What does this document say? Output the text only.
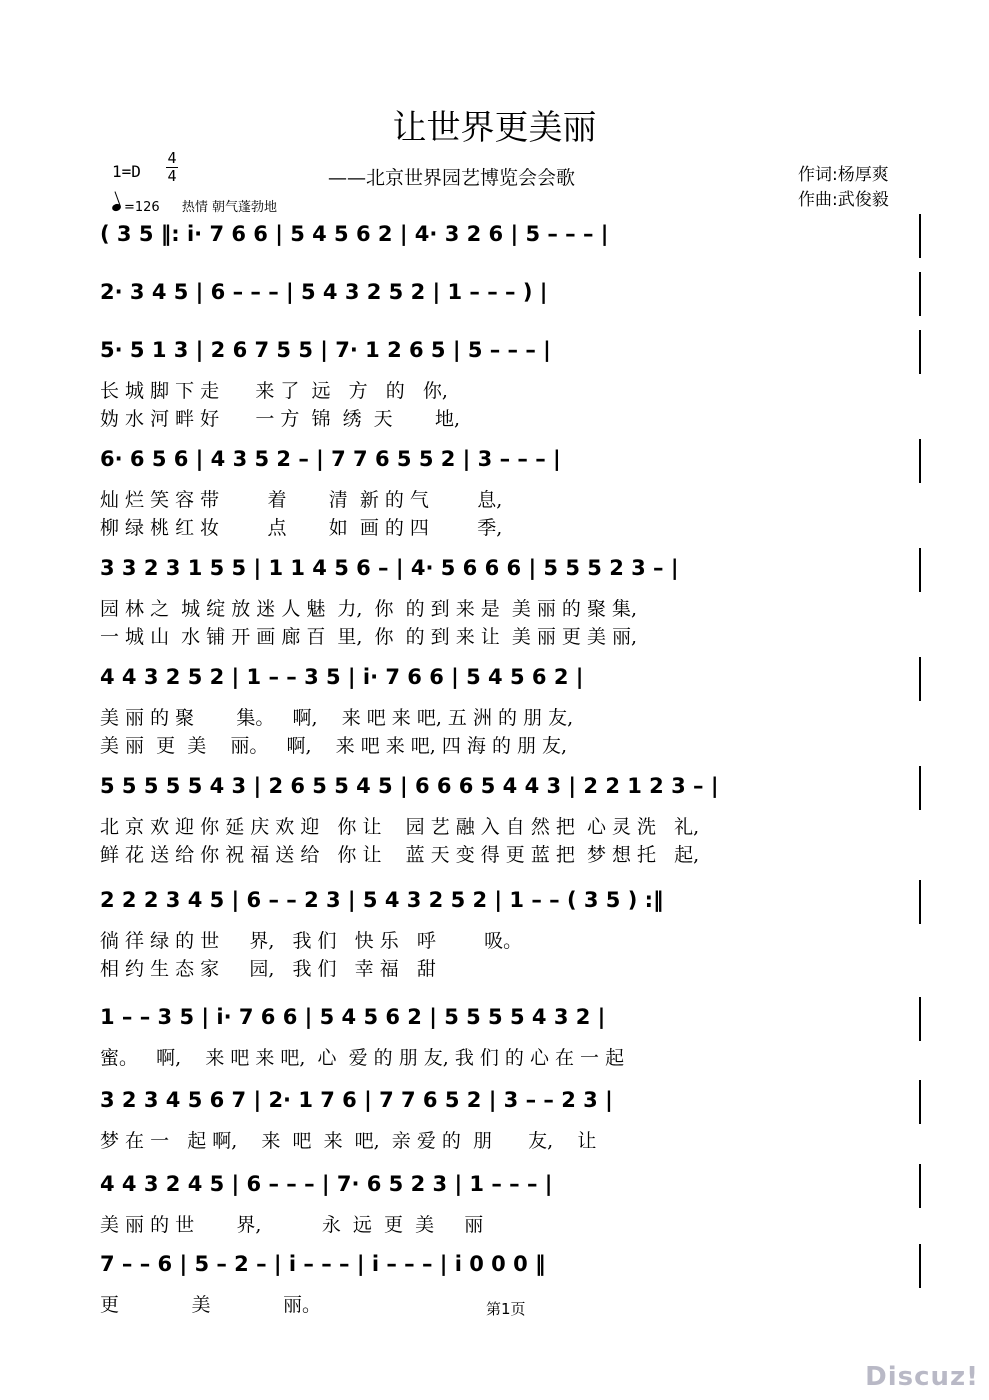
让世界更美丽
——北京世界园艺博览会会歌	作词:杨厚爽
作曲:武俊毅
1=D
4
4
=126 热情 朝气蓬勃地
( 3 5 ‖: i· 7 6 6 | 5 4 5 6 2 | 4· 3 2 6 | 5 – – – |
2· 3 4 5 | 6 – – – | 5 4 3 2 5 2 | 1 – – – ) |
5· 5 1 3 | 2 6 7 5 5 | 7· 1 2 6 5 | 5 – – – |
长 城 脚 下 走      来 了  远   方   的   你,
妫 水 河 畔 好      一 方  锦  绣  天       地,
6· 6 5 6 | 4 3 5 2 – | 7 7 6 5 5 2 | 3 – – – |
灿 烂 笑 容 带        着       清  新 的 气        息,
柳 绿 桃 红 妆        点       如  画 的 四        季,
3 3 2 3 1 5 5 | 1 1 4 5 6 – | 4· 5 6 6 6 | 5 5 5 2 3 – |
园 林 之  城 绽 放 迷 人 魅  力,  你  的 到 来 是  美 丽 的 聚 集,
一 城 山  水 铺 开 画 廊 百  里,  你  的 到 来 让  美 丽 更 美 丽,
4 4 3 2 5 2 | 1 – – 3 5 | i· 7 6 6 | 5 4 5 6 2 |
美 丽 的 聚       集。   啊,    来 吧 来 吧, 五 洲 的 朋 友,
美 丽  更  美    丽。   啊,    来 吧 来 吧, 四 海 的 朋 友,
5 5 5 5 5 4 3 | 2 6 5 5 4 5 | 6 6 6 5 4 4 3 | 2 2 1 2 3 – |
北 京 欢 迎 你 延 庆 欢 迎   你 让    园 艺 融 入 自 然 把  心 灵 洗   礼,
鲜 花 送 给 你 祝 福 送 给   你 让    蓝 天 变 得 更 蓝 把  梦 想 托   起,
2 2 2 3 4 5 | 6 – – 2 3 | 5 4 3 2 5 2 | 1 – – ( 3 5 ) :‖
徜 徉 绿 的 世     界,   我 们   快 乐   呼        吸。
相 约 生 态 家     园,   我 们   幸 福   甜
1 – – 3 5 | i· 7 6 6 | 5 4 5 6 2 | 5 5 5 5 4 3 2 |
蜜。   啊,    来 吧 来 吧,  心  爱 的 朋 友, 我 们 的 心 在 一 起
3 2 3 4 5 6 7 | 2· 1 7 6 | 7 7 6 5 2 | 3 – – 2 3 |
梦 在 一   起 啊,    来  吧  来  吧,  亲 爱 的  朋      友,    让
4 4 3 2 4 5 | 6 – – – | 7· 6 5 2 3 | 1 – – – |
美 丽 的 世       界,          永  远  更  美     丽
7 – – 6 | 5 – 2 – | i – – – | i – – – | i 0 0 0 ‖
更            美            丽。	第1页
Discuz!
